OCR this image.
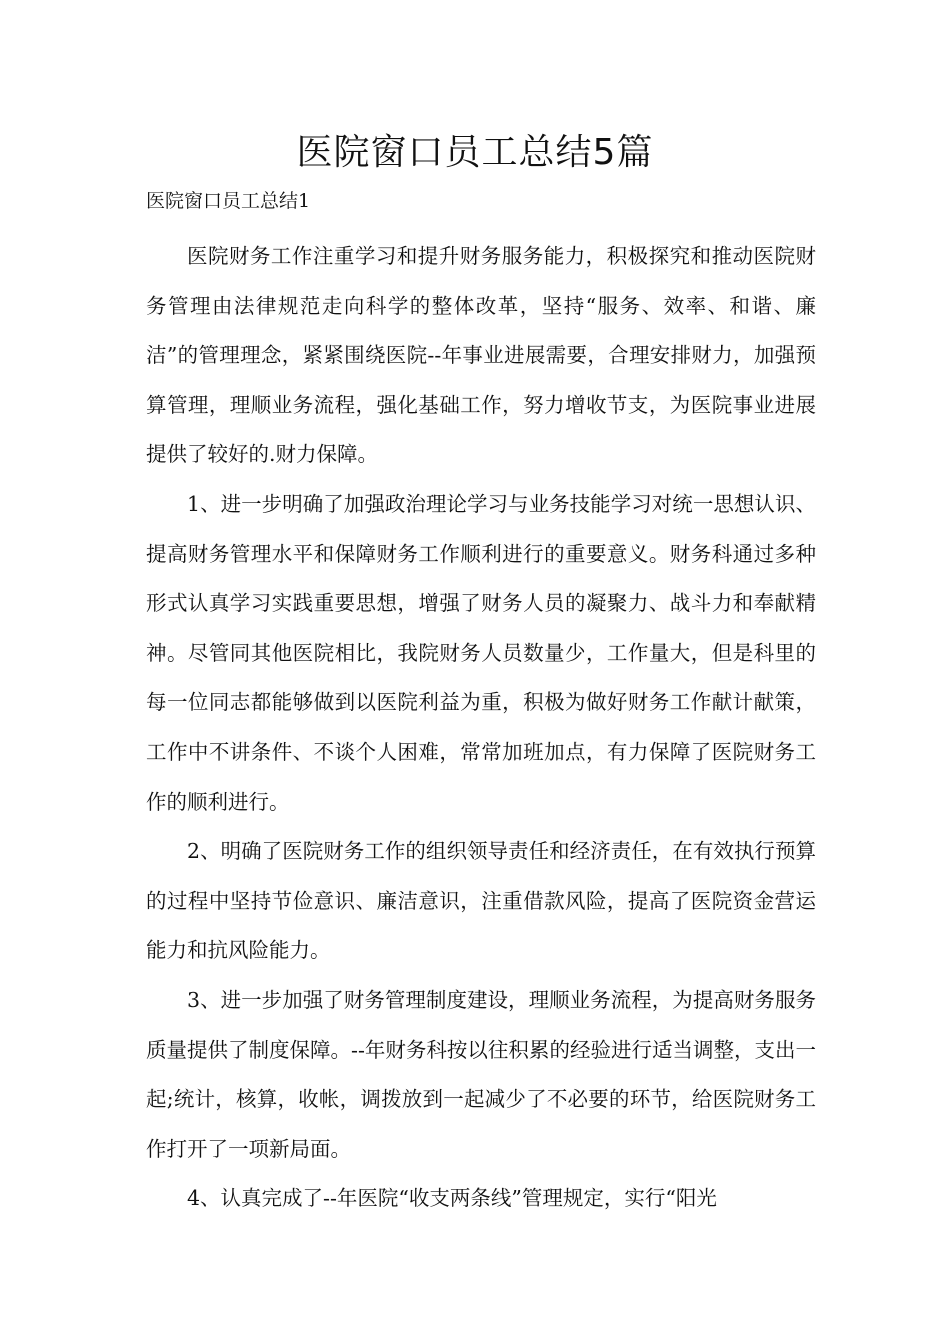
医院窗口员工总结5篇

医院窗口员工总结1

医院财务工作注重学习和提升财务服务能力，积极探究和推动医院财务管理由法律规范走向科学的整体改革，坚持“服务、效率、和谐、廉洁”的管理理念，紧紧围绕医院--年事业进展需要，合理安排财力，加强预算管理，理顺业务流程，强化基础工作，努力增收节支，为医院事业进展提供了较好的.财力保障。

1、进一步明确了加强政治理论学习与业务技能学习对统一思想认识、提高财务管理水平和保障财务工作顺利进行的重要意义。财务科通过多种形式认真学习实践重要思想，增强了财务人员的凝聚力、战斗力和奉献精神。尽管同其他医院相比，我院财务人员数量少，工作量大，但是科里的每一位同志都能够做到以医院利益为重，积极为做好财务工作献计献策，工作中不讲条件、不谈个人困难，常常加班加点，有力保障了医院财务工作的顺利进行。

2、明确了医院财务工作的组织领导责任和经济责任，在有效执行预算的过程中坚持节俭意识、廉洁意识，注重借款风险，提高了医院资金营运能力和抗风险能力。

3、进一步加强了财务管理制度建设，理顺业务流程，为提高财务服务质量提供了制度保障。--年财务科按以往积累的经验进行适当调整，支出一起;统计，核算，收帐，调拨放到一起减少了不必要的环节，给医院财务工作打开了一项新局面。

4、认真完成了--年医院“收支两条线”管理规定，实行“阳光
